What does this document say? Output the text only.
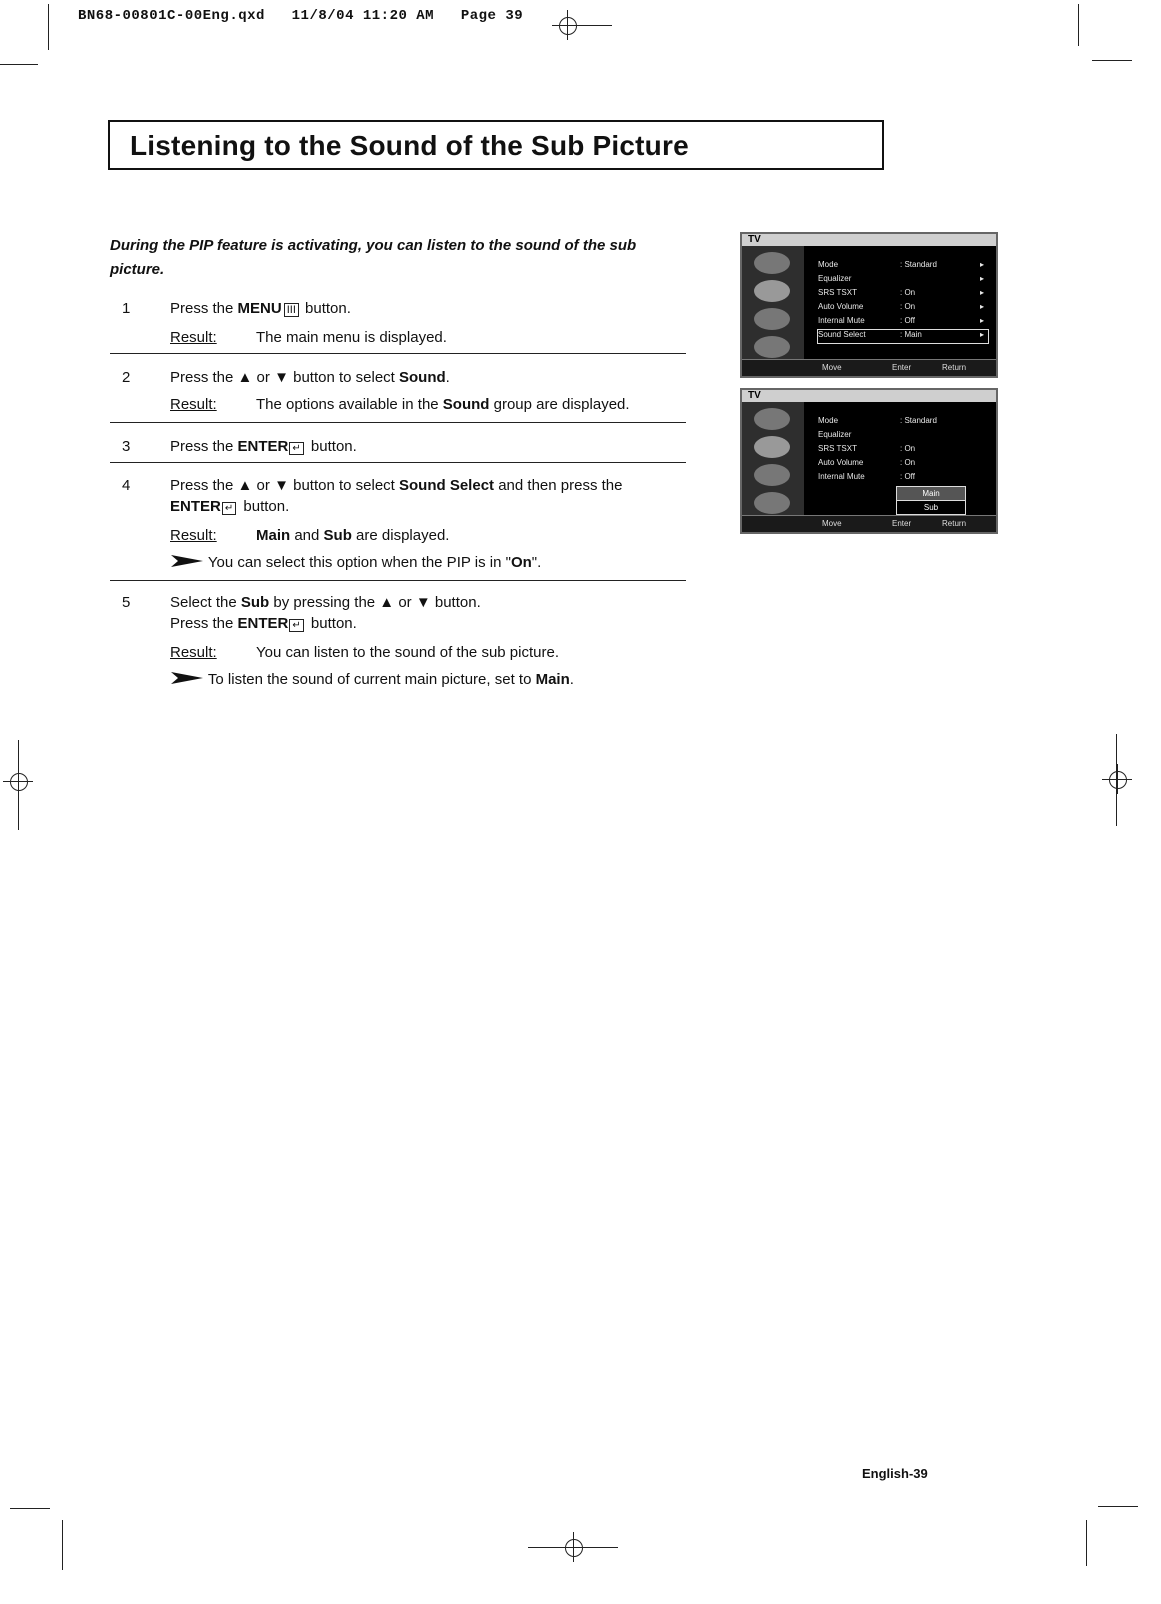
BN68-00801C-00Eng.qxd 11/8/04 11:20 AM Page 39
Listening to the Sound of the Sub Picture
During the PIP feature is activating, you can listen to the sound of the sub picture.
1	Press the MENU III button.
Result:	The main menu is displayed.
2	Press the ▲ or ▼ button to select Sound.
Result:	The options available in the Sound group are displayed.
3	Press the ENTER ↵ button.
4	Press the ▲ or ▼ button to select Sound Select and then press the ENTER ↵ button.
Result:	Main and Sub are displayed.
You can select this option when the PIP is in "On".
5	Select the Sub by pressing the ▲ or ▼ button.
Press the ENTER ↵ button.
Result:	You can listen to the sound of the sub picture.
To listen the sound of current main picture, set to Main.
TV
Mode	: Standard	▸
Equalizer	▸
SRS TSXT	: On	▸
Auto Volume	: On	▸
Internal Mute	: Off	▸
Sound Select	: Main	▸
Move	Enter	Return
TV
Mode	: Standard
Equalizer
SRS TSXT	: On
Auto Volume	: On
Internal Mute	: Off
Main
Sub
Move	Enter	Return
English-39
